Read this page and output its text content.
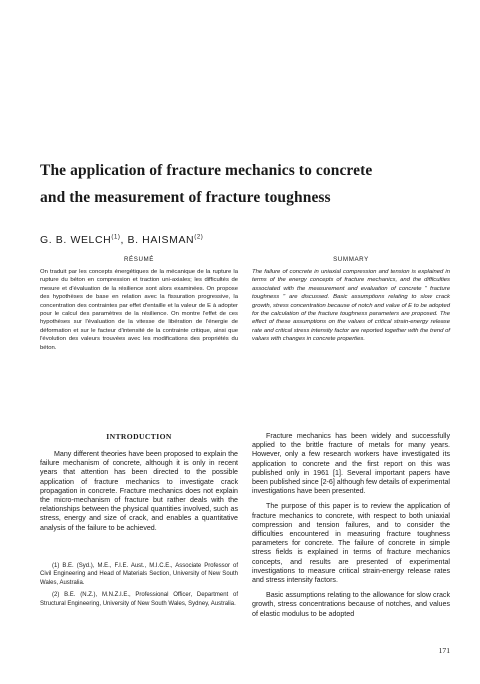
The application of fracture mechanics to concrete
and the measurement of fracture toughness
G. B. WELCH$^{(1)}$, B. HAISMAN$^{(2)}$
RÉSUMÉ	SUMMARY
On traduit par les concepts énergétiques de la mécanique de la rupture la rupture du béton en compression et traction uni-axiales; les difficultés de mesure et d'évaluation de la résilience sont alors examinées. On propose des hypothèses de base en relation avec la fissuration progressive, la concentration des contraintes par effet d'entaille et la valeur de E à adopter pour le calcul des paramètres de la résilience. On montre l'effet de ces hypothèses sur l'évaluation de la vitesse de libération de l'énergie de déformation et sur le facteur d'intensité de la contrainte critique, ainsi que l'évolution des valeurs trouvées avec les modifications des propriétés du béton.
The failure of concrete in uniaxial compression and tension is explained in terms of the energy concepts of fracture mechanics, and the difficulties associated with the measurement and evaluation of concrete " fracture toughness " are discussed. Basic assumptions relating to slow crack growth, stress concentration because of notch and value of E to be adopted for the calculation of the fracture toughness parameters are proposed. The effect of these assumptions on the values of critical strain-energy release rate and critical stress intensity factor are reported together with the trend of values with changes in concrete properties.
INTRODUCTION

Many different theories have been proposed to explain the failure mechanism of concrete, although it is only in recent years that attention has been directed to the possible application of fracture mechanics to investigate crack propagation in concrete. Fracture mechanics does not explain the micro-mechanism of fracture but rather deals with the relationships between the physical quantities involved, such as stress, energy and size of crack, and enables a quantitative analysis of the failure to be achieved.

Fracture mechanics has been widely and successfully applied to the brittle fracture of metals for many years. However, only a few research workers have investigated its application to concrete and the first report on this was published only in 1961 [1]. Several important papers have been published since [2-6] although few details of experimental investigations have been presented.

The purpose of this paper is to review the application of fracture mechanics to concrete, with respect to both uniaxial compression and tension failures, and to consider the difficulties encountered in measuring fracture toughness parameters for concrete. The failure of concrete in simple stress fields is explained in terms of fracture mechanics concepts, and results are presented of experimental investigations to measure critical strain-energy release rates and stress intensity factors.

Basic assumptions relating to the allowance for slow crack growth, stress concentrations because of notches, and values of elastic modulus to be adopted

(1) B.E. (Syd.), M.E., F.I.E. Aust., M.I.C.E., Associate Professor of Civil Engineering and Head of Materials Section, University of New South Wales, Australia.

(2) B.E. (N.Z.), M.N.Z.I.E., Professional Officer, Department of Structural Engineering, University of New South Wales, Sydney, Australia.

171
